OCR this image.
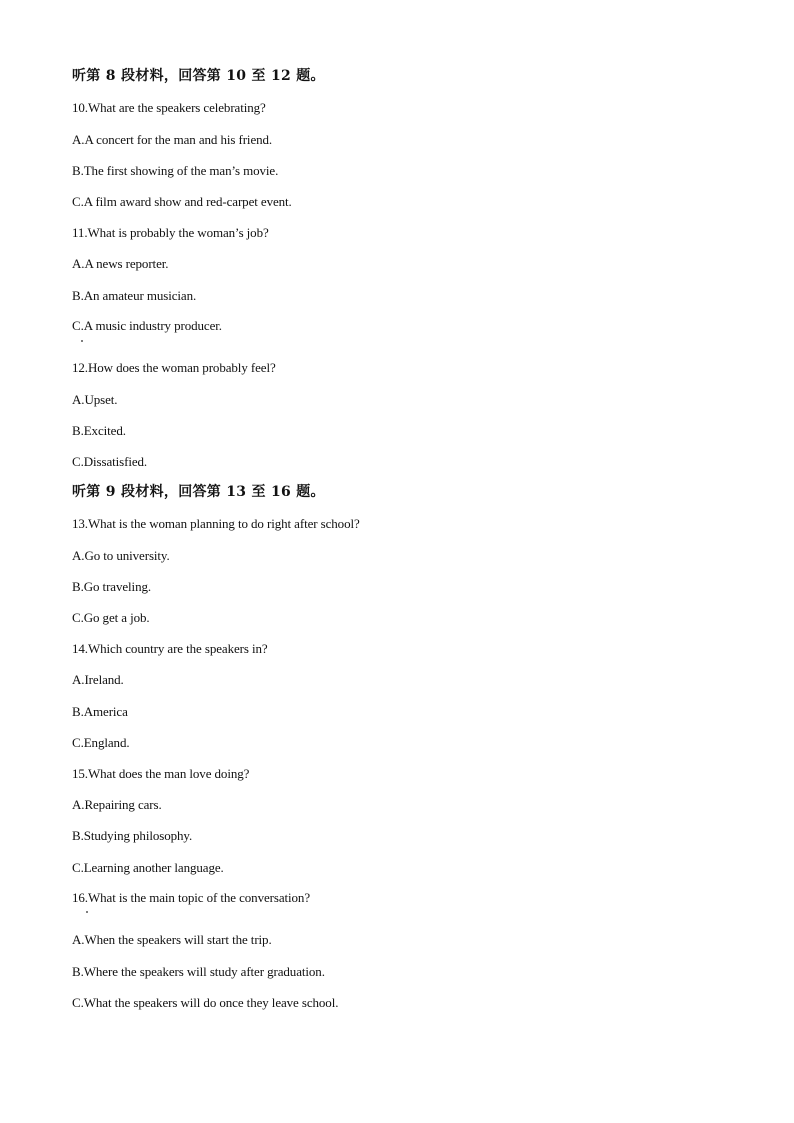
听第 8 段材料，回答第 10 至 12 题。
10.What are the speakers celebrating?
A.A concert for the man and his friend.
B.The first showing of the man’s movie.
C.A film award show and red-carpet event.
11.What is probably the woman’s job?
A.A news reporter.
B.An amateur musician.
C.A music industry producer.
12.How does the woman probably feel?
A.Upset.
B.Excited.
C.Dissatisfied.
听第 9 段材料，回答第 13 至 16 题。
13.What is the woman planning to do right after school?
A.Go to university.
B.Go traveling.
C.Go get a job.
14.Which country are the speakers in?
A.Ireland.
B.America
C.England.
15.What does the man love doing?
A.Repairing cars.
B.Studying philosophy.
C.Learning another language.
16.What is the main topic of the conversation?
A.When the speakers will start the trip.
B.Where the speakers will study after graduation.
C.What the speakers will do once they leave school.
